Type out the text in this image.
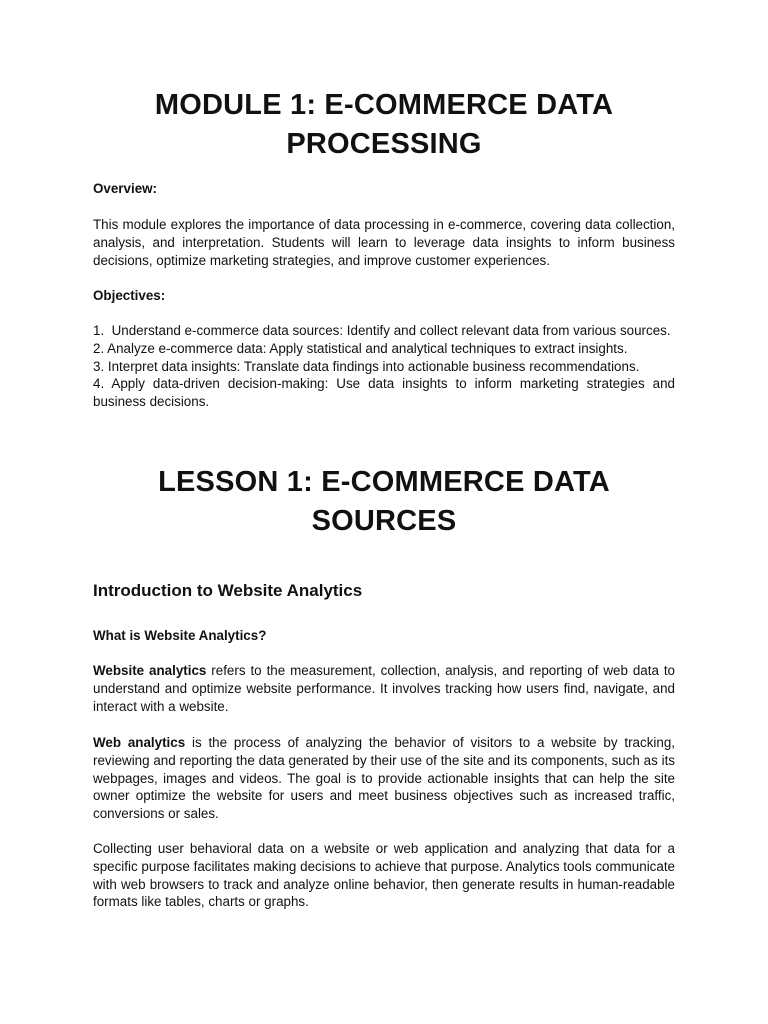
MODULE 1: E-COMMERCE DATA
PROCESSING

Overview:

This module explores the importance of data processing in e-commerce, covering data collection, analysis, and interpretation. Students will learn to leverage data insights to inform business decisions, optimize marketing strategies, and improve customer experiences.

Objectives:

1.  Understand e-commerce data sources: Identify and collect relevant data from various sources.
2. Analyze e-commerce data: Apply statistical and analytical techniques to extract insights.
3. Interpret data insights: Translate data findings into actionable business recommendations.
4. Apply data-driven decision-making: Use data insights to inform marketing strategies and business decisions.
LESSON 1: E-COMMERCE DATA
SOURCES
Introduction to Website Analytics

What is Website Analytics?

Website analytics refers to the measurement, collection, analysis, and reporting of web data to understand and optimize website performance. It involves tracking how users find, navigate, and interact with a website.

Web analytics is the process of analyzing the behavior of visitors to a website by tracking, reviewing and reporting the data generated by their use of the site and its components, such as its webpages, images and videos. The goal is to provide actionable insights that can help the site owner optimize the website for users and meet business objectives such as increased traffic, conversions or sales.

Collecting user behavioral data on a website or web application and analyzing that data for a specific purpose facilitates making decisions to achieve that purpose. Analytics tools communicate with web browsers to track and analyze online behavior, then generate results in human-readable formats like tables, charts or graphs.
